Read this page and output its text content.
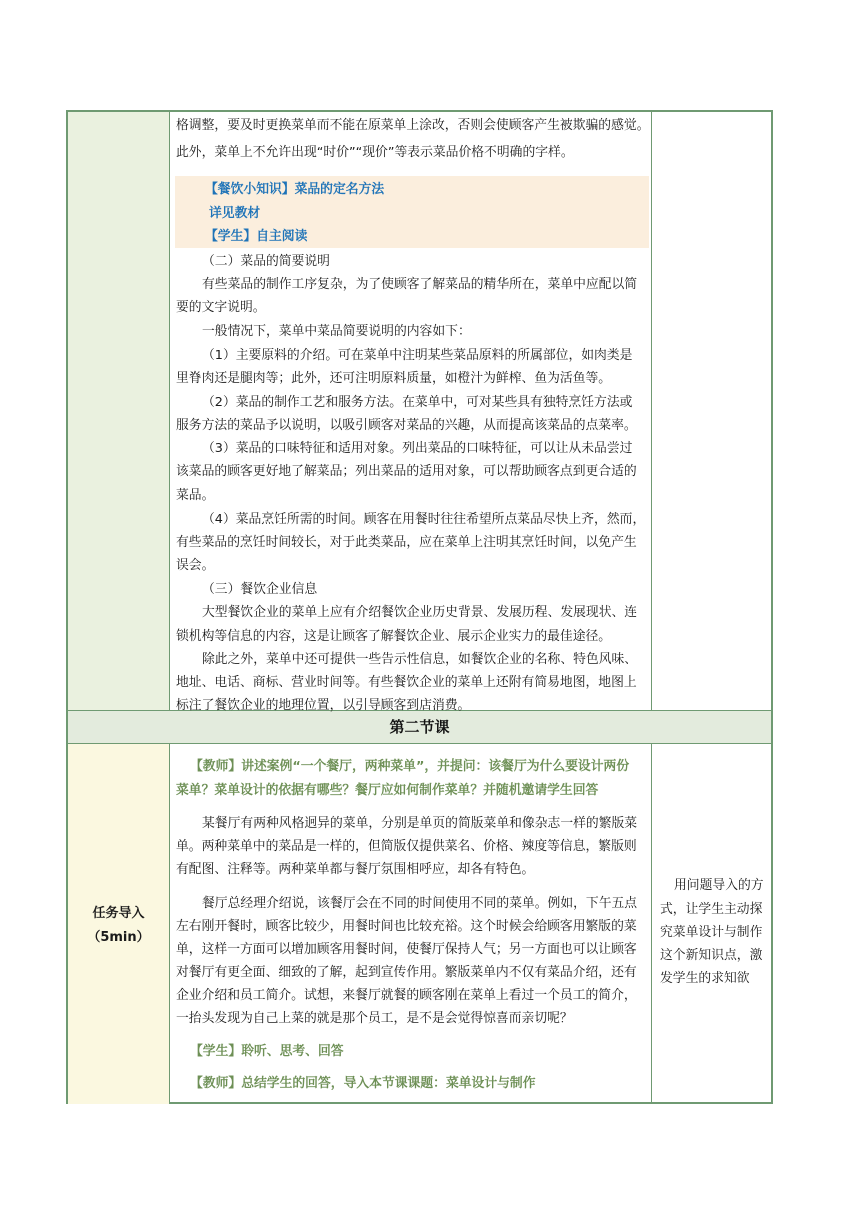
第二节课
格调整，要及时更换菜单而不能在原菜单上涂改，否则会使顾客产生被欺骗的感觉。
此外，菜单上不允许出现“时价”“现价”等表示菜品价格不明确的字样。
【餐饮小知识】菜品的定名方法
详见教材
【学生】自主阅读
（二）菜品的简要说明
有些菜品的制作工序复杂，为了使顾客了解菜品的精华所在，菜单中应配以简
要的文字说明。
一般情况下，菜单中菜品简要说明的内容如下：
（1）主要原料的介绍。可在菜单中注明某些菜品原料的所属部位，如肉类是
里脊肉还是腿肉等；此外，还可注明原料质量，如橙汁为鲜榨、鱼为活鱼等。
（2）菜品的制作工艺和服务方法。在菜单中，可对某些具有独特烹饪方法或
服务方法的菜品予以说明，以吸引顾客对菜品的兴趣，从而提高该菜品的点菜率。
（3）菜品的口味特征和适用对象。列出菜品的口味特征，可以让从未品尝过
该菜品的顾客更好地了解菜品；列出菜品的适用对象，可以帮助顾客点到更合适的
菜品。
（4）菜品烹饪所需的时间。顾客在用餐时往往希望所点菜品尽快上齐，然而，
有些菜品的烹饪时间较长，对于此类菜品，应在菜单上注明其烹饪时间，以免产生
误会。
（三）餐饮企业信息
大型餐饮企业的菜单上应有介绍餐饮企业历史背景、发展历程、发展现状、连
锁机构等信息的内容，这是让顾客了解餐饮企业、展示企业实力的最佳途径。
除此之外，菜单中还可提供一些告示性信息，如餐饮企业的名称、特色风味、
地址、电话、商标、营业时间等。有些餐饮企业的菜单上还附有简易地图，地图上
标注了餐饮企业的地理位置，以引导顾客到店消费。
任务导入
（5min）
【教师】讲述案例“一个餐厅，两种菜单”，并提问：该餐厅为什么要设计两份
菜单？菜单设计的依据有哪些？餐厅应如何制作菜单？并随机邀请学生回答
某餐厅有两种风格迥异的菜单，分别是单页的简版菜单和像杂志一样的繁版菜
单。两种菜单中的菜品是一样的，但简版仅提供菜名、价格、辣度等信息，繁版则
有配图、注释等。两种菜单都与餐厅氛围相呼应，却各有特色。
餐厅总经理介绍说，该餐厅会在不同的时间使用不同的菜单。例如，下午五点
左右刚开餐时，顾客比较少，用餐时间也比较充裕。这个时候会给顾客用繁版的菜
单，这样一方面可以增加顾客用餐时间，使餐厅保持人气；另一方面也可以让顾客
对餐厅有更全面、细致的了解，起到宣传作用。繁版菜单内不仅有菜品介绍，还有
企业介绍和员工简介。试想，来餐厅就餐的顾客刚在菜单上看过一个员工的简介，
一抬头发现为自己上菜的就是那个员工，是不是会觉得惊喜而亲切呢？
【学生】聆听、思考、回答
【教师】总结学生的回答，导入本节课课题：菜单设计与制作
用问题导入的方
式，让学生主动探
究菜单设计与制作
这个新知识点，激
发学生的求知欲
